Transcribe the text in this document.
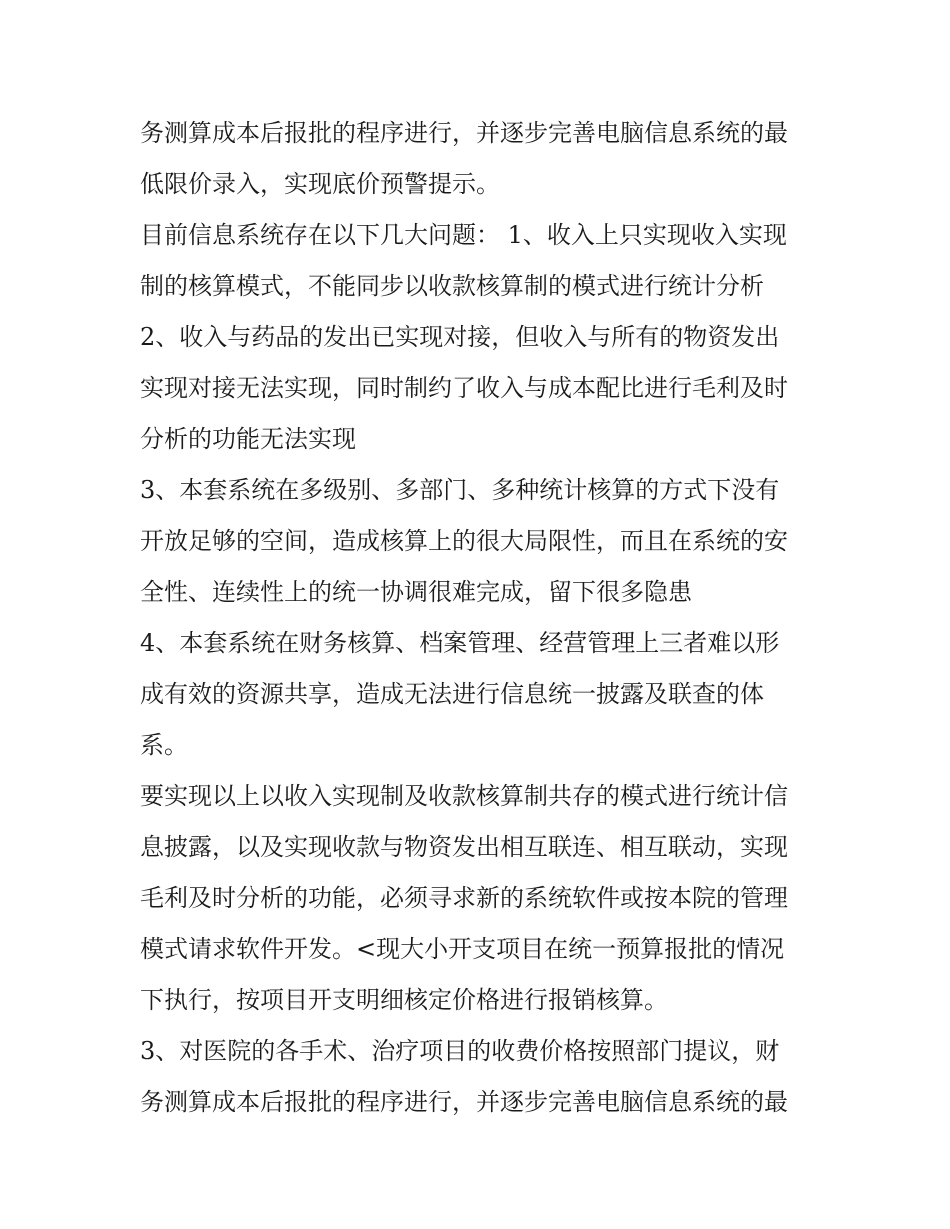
务测算成本后报批的程序进行，并逐步完善电脑信息系统的最
低限价录入，实现底价预警提示。
目前信息系统存在以下几大问题： 1、收入上只实现收入实现
制的核算模式，不能同步以收款核算制的模式进行统计分析
2、收入与药品的发出已实现对接，但收入与所有的物资发出
实现对接无法实现，同时制约了收入与成本配比进行毛利及时
分析的功能无法实现
3、本套系统在多级别、多部门、多种统计核算的方式下没有
开放足够的空间，造成核算上的很大局限性，而且在系统的安
全性、连续性上的统一协调很难完成，留下很多隐患
4、本套系统在财务核算、档案管理、经营管理上三者难以形
成有效的资源共享，造成无法进行信息统一披露及联查的体
系。
要实现以上以收入实现制及收款核算制共存的模式进行统计信
息披露，以及实现收款与物资发出相互联连、相互联动，实现
毛利及时分析的功能，必须寻求新的系统软件或按本院的管理
模式请求软件开发。<现大小开支项目在统一预算报批的情况
下执行，按项目开支明细核定价格进行报销核算。
3、对医院的各手术、治疗项目的收费价格按照部门提议，财
务测算成本后报批的程序进行，并逐步完善电脑信息系统的最
